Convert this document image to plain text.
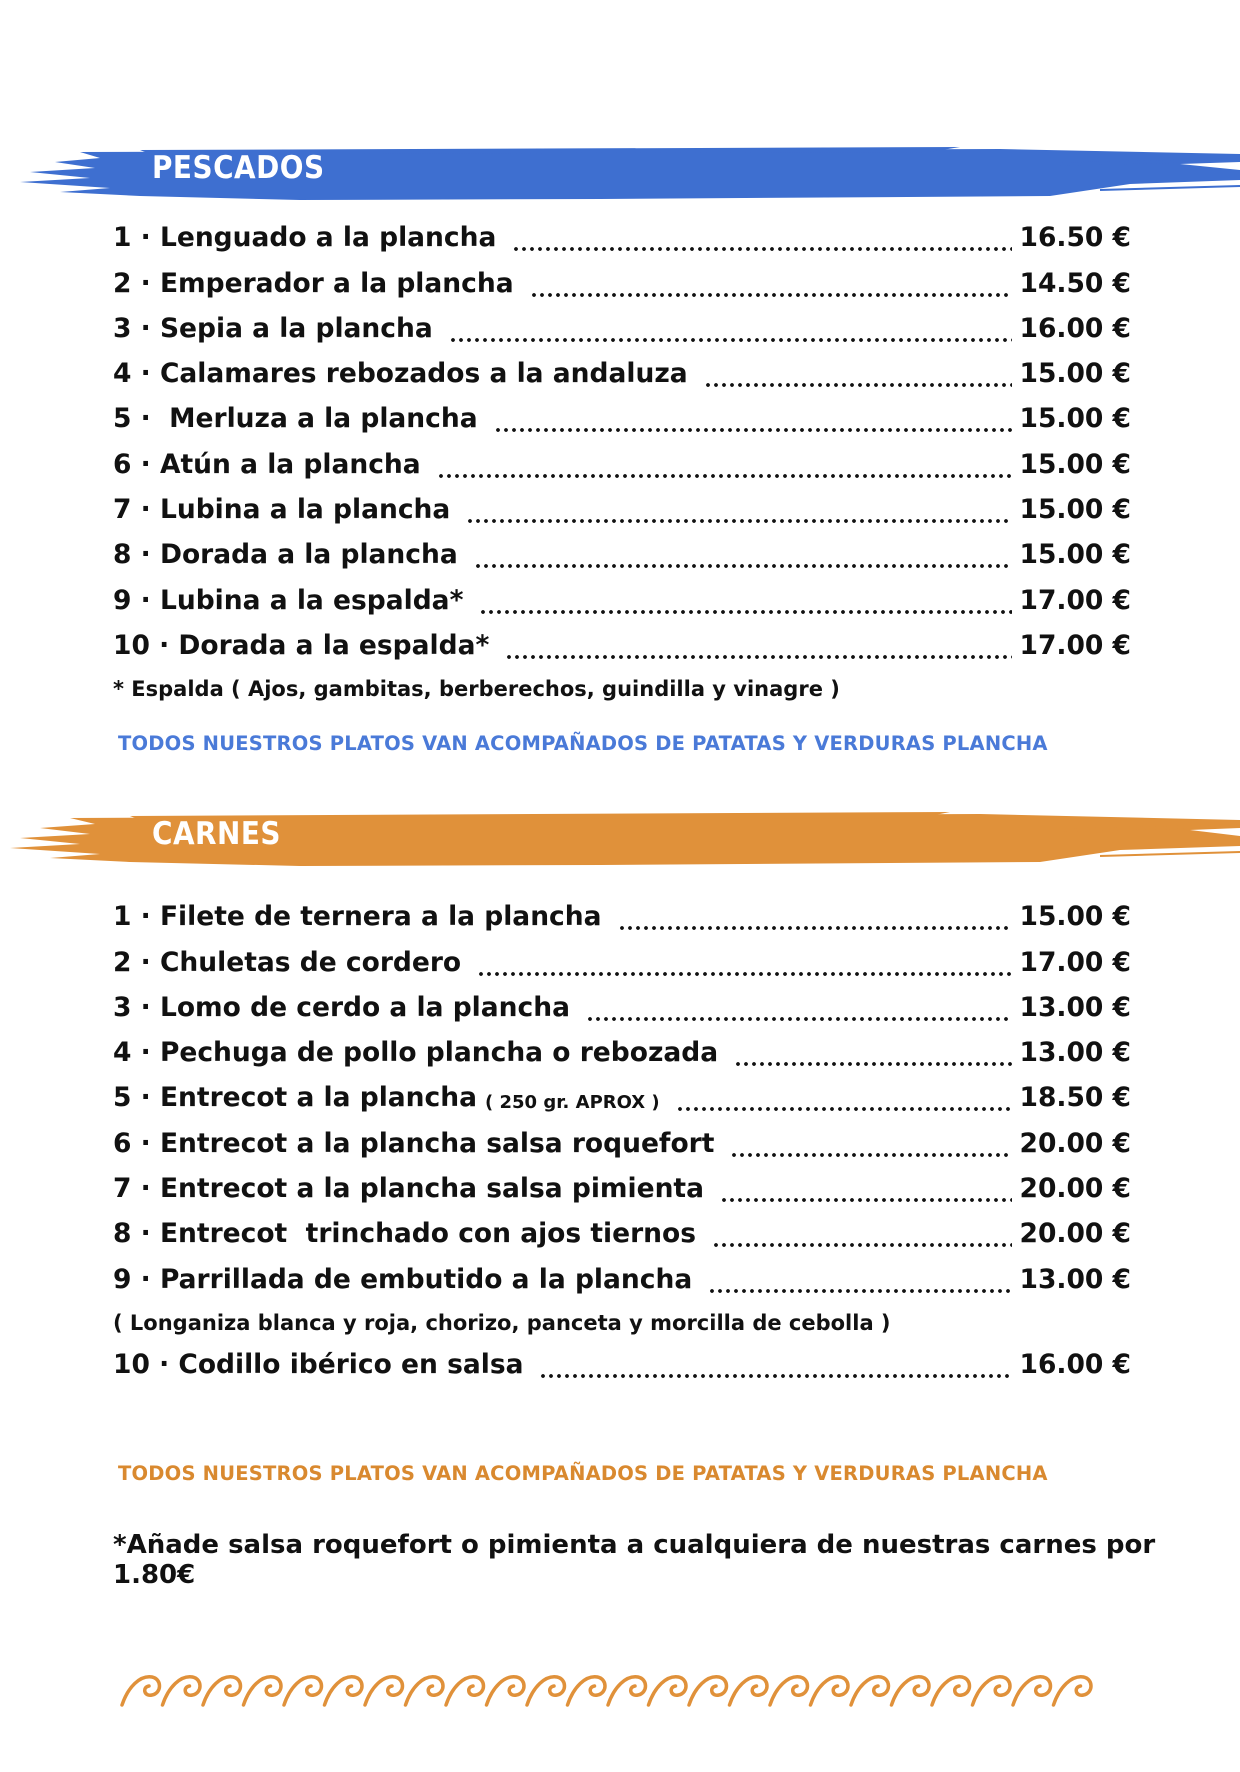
PESCADOS
1 · Lenguado a la plancha	16.50 €
2 · Emperador a la plancha	14.50 €
3 · Sepia a la plancha	16.00 €
4 · Calamares rebozados a la andaluza	15.00 €
5 ·  Merluza a la plancha	15.00 €
6 · Atún a la plancha	15.00 €
7 · Lubina a la plancha	15.00 €
8 · Dorada a la plancha	15.00 €
9 · Lubina a la espalda*	17.00 €
10 · Dorada a la espalda*	17.00 €
* Espalda ( Ajos, gambitas, berberechos, guindilla y vinagre )
TODOS NUESTROS PLATOS VAN ACOMPAÑADOS DE PATATAS Y VERDURAS PLANCHA
CARNES
1 · Filete de ternera a la plancha	15.00 €
2 · Chuletas de cordero	17.00 €
3 · Lomo de cerdo a la plancha	13.00 €
4 · Pechuga de pollo plancha o rebozada	13.00 €
5 · Entrecot a la plancha ( 250 gr. APROX )	18.50 €
6 · Entrecot a la plancha salsa roquefort	20.00 €
7 · Entrecot a la plancha salsa pimienta	20.00 €
8 · Entrecot  trinchado con ajos tiernos	20.00 €
9 · Parrillada de embutido a la plancha	13.00 €
( Longaniza blanca y roja, chorizo, panceta y morcilla de cebolla )
10 · Codillo ibérico en salsa	16.00 €
TODOS NUESTROS PLATOS VAN ACOMPAÑADOS DE PATATAS Y VERDURAS PLANCHA
*Añade salsa roquefort o pimienta a cualquiera de nuestras carnes por 1.80€
